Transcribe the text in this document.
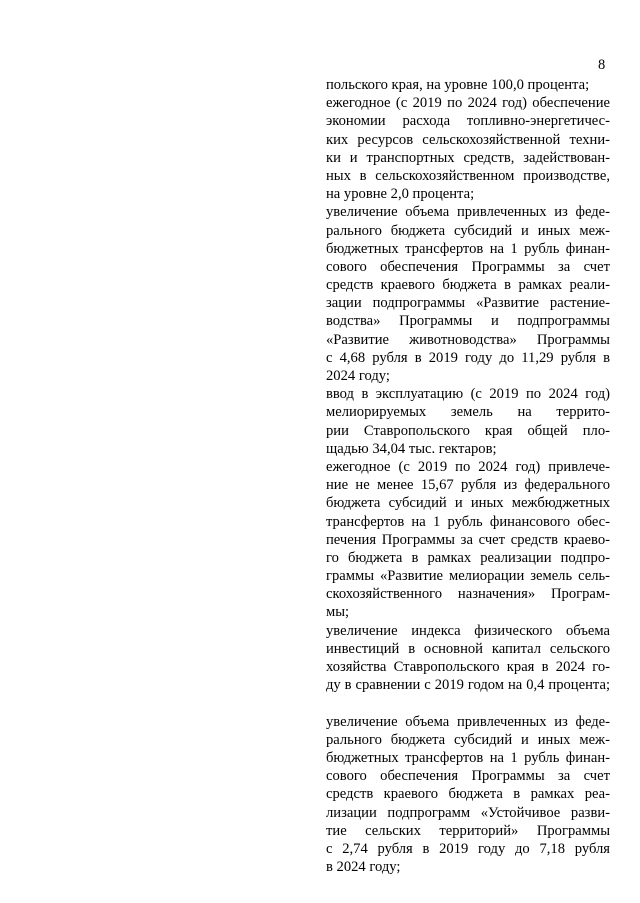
8
польского края, на уровне 100,0 процента;
ежегодное (с 2019 по 2024 год) обеспечение
экономии расхода топливно-энергетичес-
ких ресурсов сельскохозяйственной техни-
ки и транспортных средств, задействован-
ных в сельскохозяйственном производстве,
на уровне 2,0 процента;
увеличение объема привлеченных из феде-
рального бюджета субсидий и иных меж-
бюджетных трансфертов на 1 рубль финан-
сового обеспечения Программы за счет
средств краевого бюджета в рамках реали-
зации подпрограммы «Развитие растение-
водства» Программы и подпрограммы
«Развитие животноводства» Программы
с 4,68 рубля в 2019 году до 11,29 рубля в
2024 году;
ввод в эксплуатацию (с 2019 по 2024 год)
мелиорируемых земель на террито-
рии Ставропольского края общей пло-
щадью 34,04 тыс. гектаров;
ежегодное (с 2019 по 2024 год) привлече-
ние не менее 15,67 рубля из федерального
бюджета субсидий и иных межбюджетных
трансфертов на 1 рубль финансового обес-
печения Программы за счет средств краево-
го бюджета в рамках реализации подпро-
граммы «Развитие мелиорации земель сель-
скохозяйственного назначения» Програм-
мы;
увеличение индекса физического объема
инвестиций в основной капитал сельского
хозяйства Ставропольского края в 2024 го-
ду в сравнении с 2019 годом на 0,4 процента;
увеличение объема привлеченных из феде-
рального бюджета субсидий и иных меж-
бюджетных трансфертов на 1 рубль финан-
сового обеспечения Программы за счет
средств краевого бюджета в рамках реа-
лизации подпрограмм «Устойчивое разви-
тие сельских территорий» Программы
с 2,74 рубля в 2019 году до 7,18 рубля
в 2024 году;
